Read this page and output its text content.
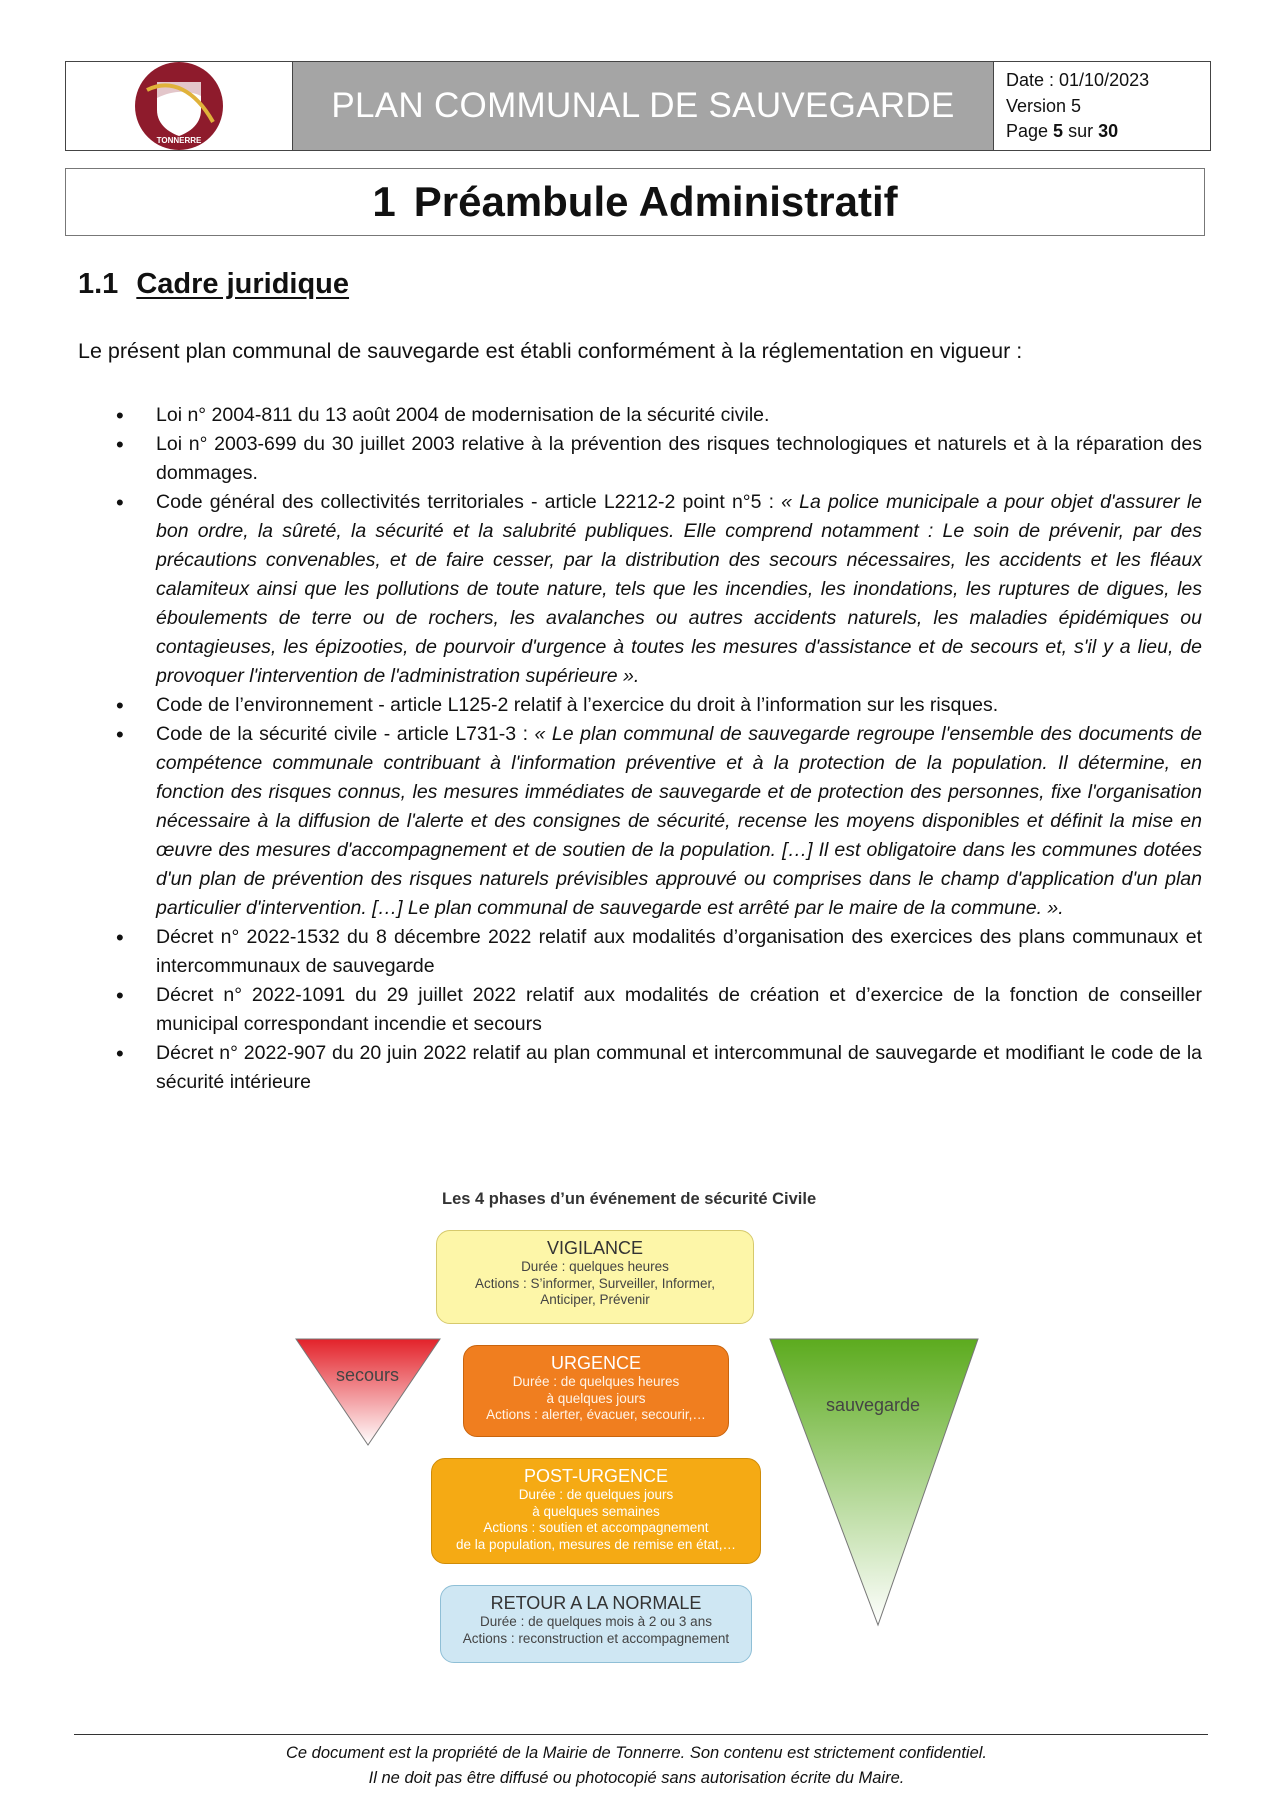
TONNERRE
PLAN COMMUNAL DE SAUVEGARDE
Date : 01/10/2023
Version 5
Page 5 sur 30
1 Préambule Administratif
1.1 Cadre juridique
Le présent plan communal de sauvegarde est établi conformément à la réglementation en vigueur :
• Loi n° 2004-811 du 13 août 2004 de modernisation de la sécurité civile.
• Loi n° 2003-699 du 30 juillet 2003 relative à la prévention des risques technologiques et naturels et à la réparation des dommages.
• Code général des collectivités territoriales - article L2212-2 point n°5 : « La police municipale a pour objet d'assurer le bon ordre, la sûreté, la sécurité et la salubrité publiques. Elle comprend notamment : Le soin de prévenir, par des précautions convenables, et de faire cesser, par la distribution des secours nécessaires, les accidents et les fléaux calamiteux ainsi que les pollutions de toute nature, tels que les incendies, les inondations, les ruptures de digues, les éboulements de terre ou de rochers, les avalanches ou autres accidents naturels, les maladies épidémiques ou contagieuses, les épizooties, de pourvoir d'urgence à toutes les mesures d'assistance et de secours et, s'il y a lieu, de provoquer l'intervention de l'administration supérieure ».
• Code de l’environnement - article L125-2 relatif à l’exercice du droit à l’information sur les risques.
• Code de la sécurité civile - article L731-3 : « Le plan communal de sauvegarde regroupe l'ensemble des documents de compétence communale contribuant à l'information préventive et à la protection de la population. Il détermine, en fonction des risques connus, les mesures immédiates de sauvegarde et de protection des personnes, fixe l'organisation nécessaire à la diffusion de l'alerte et des consignes de sécurité, recense les moyens disponibles et définit la mise en œuvre des mesures d'accompagnement et de soutien de la population. […] Il est obligatoire dans les communes dotées d'un plan de prévention des risques naturels prévisibles approuvé ou comprises dans le champ d'application d'un plan particulier d'intervention. […] Le plan communal de sauvegarde est arrêté par le maire de la commune. ».
• Décret n° 2022-1532 du 8 décembre 2022 relatif aux modalités d’organisation des exercices des plans communaux et intercommunaux de sauvegarde
• Décret n° 2022-1091 du 29 juillet 2022 relatif aux modalités de création et d’exercice de la fonction de conseiller municipal correspondant incendie et secours
• Décret n° 2022-907 du 20 juin 2022 relatif au plan communal et intercommunal de sauvegarde et modifiant le code de la sécurité intérieure
Les 4 phases d’un événement de sécurité Civile
secours
sauvegarde
VIGILANCE
Durée : quelques heures
Actions : S’informer, Surveiller, Informer,
Anticiper, Prévenir
URGENCE
Durée : de quelques heures
à quelques jours
Actions : alerter, évacuer, secourir,…
POST-URGENCE
Durée : de quelques jours
à quelques semaines
Actions : soutien et accompagnement
de la population, mesures de remise en état,…
RETOUR A LA NORMALE
Durée : de quelques mois à 2 ou 3 ans
Actions : reconstruction et accompagnement
Ce document est la propriété de la Mairie de Tonnerre. Son contenu est strictement confidentiel.
Il ne doit pas être diffusé ou photocopié sans autorisation écrite du Maire.
